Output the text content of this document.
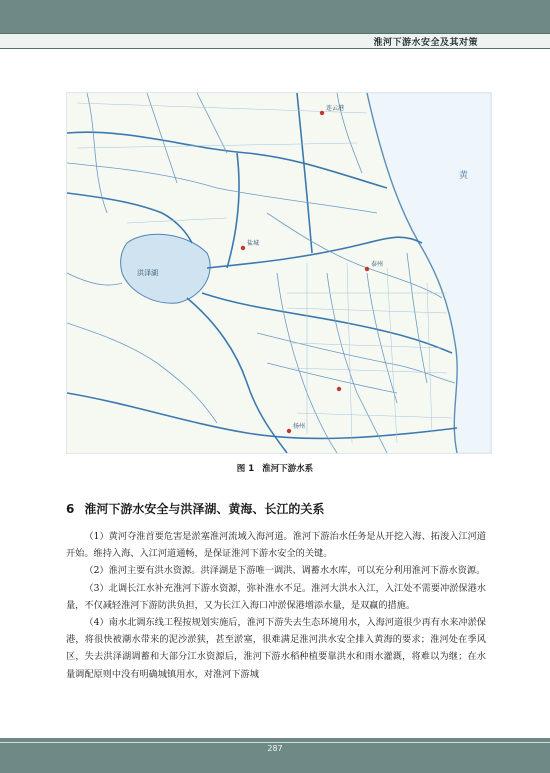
淮河下游水安全及其对策
黄
洪泽湖
盐城
泰州
扬州
连云港
图 1 淮河下游水系
6 淮河下游水安全与洪泽湖、黄海、长江的关系

（1）黄河夺淮首要危害是淤塞淮河流域入海河道。淮河下游治水任务是从开挖入海、拓浚入江河道开始。维持入海、入江河道通畅，是保证淮河下游水安全的关键。

（2）淮河主要有洪水资源。洪泽湖是下游唯一调洪、调蓄水水库，可以充分利用淮河下游水资源。

（3）北调长江水补充淮河下游水资源，弥补淮水不足。淮河大洪水入江，入江处不需要冲淤保港水量，不仅减轻淮河下游防洪负担，又为长江入海口冲淤保港增添水量，是双赢的措施。

（4）南水北调东线工程按规划实施后，淮河下游失去生态环境用水，入海河道很少再有水来冲淤保港，将很快被潮水带来的泥沙淤狭，甚至淤塞，很难满足淮河洪水安全排入黄海的要求；淮河处在季风区，失去洪泽湖调蓄和大部分江水资源后，淮河下游水稻种植要靠洪水和雨水灌溉，将难以为继；在水量调配原则中没有明确城镇用水，对淮河下游城

287
